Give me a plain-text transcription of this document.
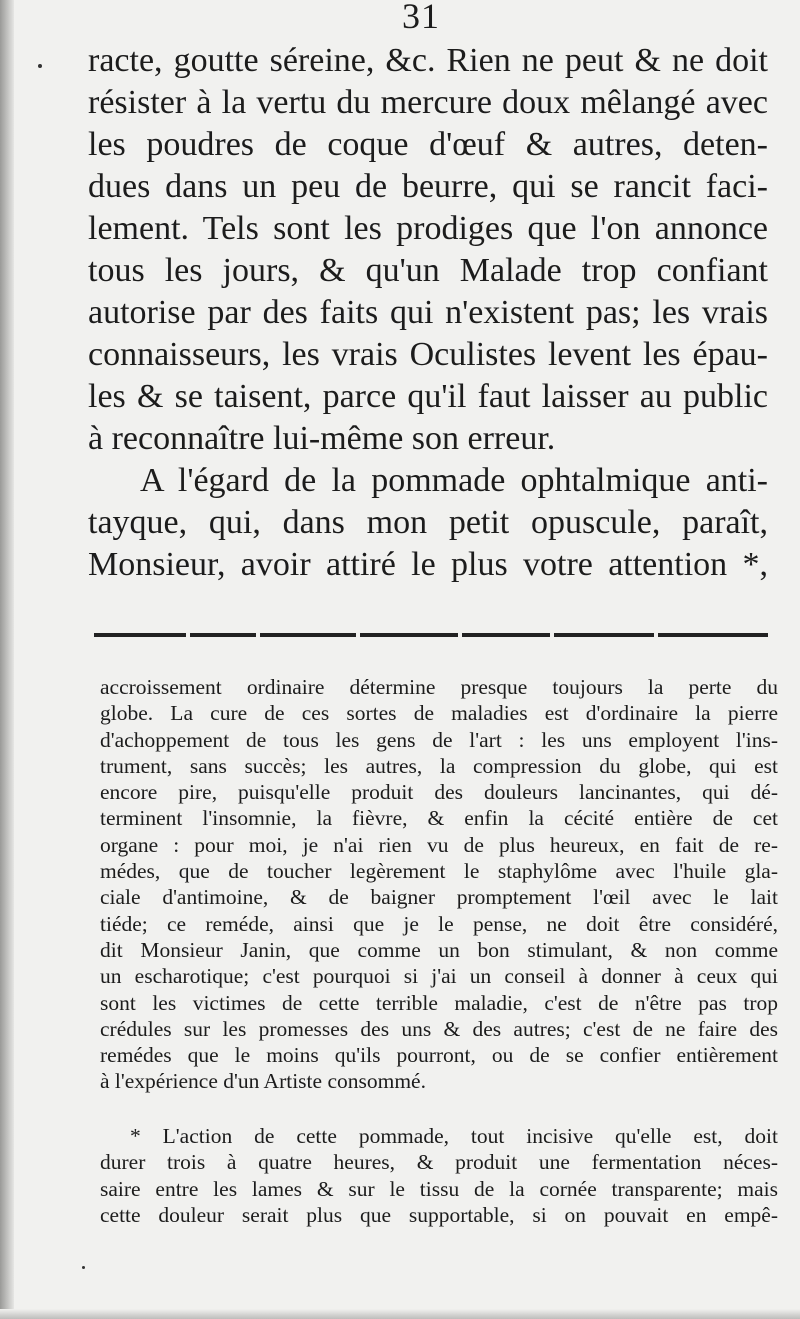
31
racte, goutte séreine, &c. Rien ne peut & ne doit
résister à la vertu du mercure doux mêlangé avec
les poudres de coque d'œuf & autres, deten-
dues dans un peu de beurre, qui se rancit faci-
lement. Tels sont les prodiges que l'on annonce
tous les jours, & qu'un Malade trop confiant
autorise par des faits qui n'existent pas; les vrais
connaisseurs, les vrais Oculistes levent les épau-
les & se taisent, parce qu'il faut laisser au public
à reconnaître lui-même son erreur.
A l'égard de la pommade ophtalmique anti-
tayque, qui, dans mon petit opuscule, paraît,
Monsieur, avoir attiré le plus votre attention *,
accroissement ordinaire détermine presque toujours la perte du
globe. La cure de ces sortes de maladies est d'ordinaire la pierre
d'achoppement de tous les gens de l'art : les uns employent l'ins-
trument, sans succès; les autres, la compression du globe, qui est
encore pire, puisqu'elle produit des douleurs lancinantes, qui dé-
terminent l'insomnie, la fièvre, & enfin la cécité entière de cet
organe : pour moi, je n'ai rien vu de plus heureux, en fait de re-
médes, que de toucher legèrement le staphylôme avec l'huile gla-
ciale d'antimoine, & de baigner promptement l'œil avec le lait
tiéde; ce reméde, ainsi que je le pense, ne doit être considéré,
dit Monsieur Janin, que comme un bon stimulant, & non comme
un escharotique; c'est pourquoi si j'ai un conseil à donner à ceux qui
sont les victimes de cette terrible maladie, c'est de n'être pas trop
crédules sur les promesses des uns & des autres; c'est de ne faire des
remédes que le moins qu'ils pourront, ou de se confier entièrement
à l'expérience d'un Artiste consommé.
* L'action de cette pommade, tout incisive qu'elle est, doit
durer trois à quatre heures, & produit une fermentation néces-
saire entre les lames & sur le tissu de la cornée transparente; mais
cette douleur serait plus que supportable, si on pouvait en empê-
